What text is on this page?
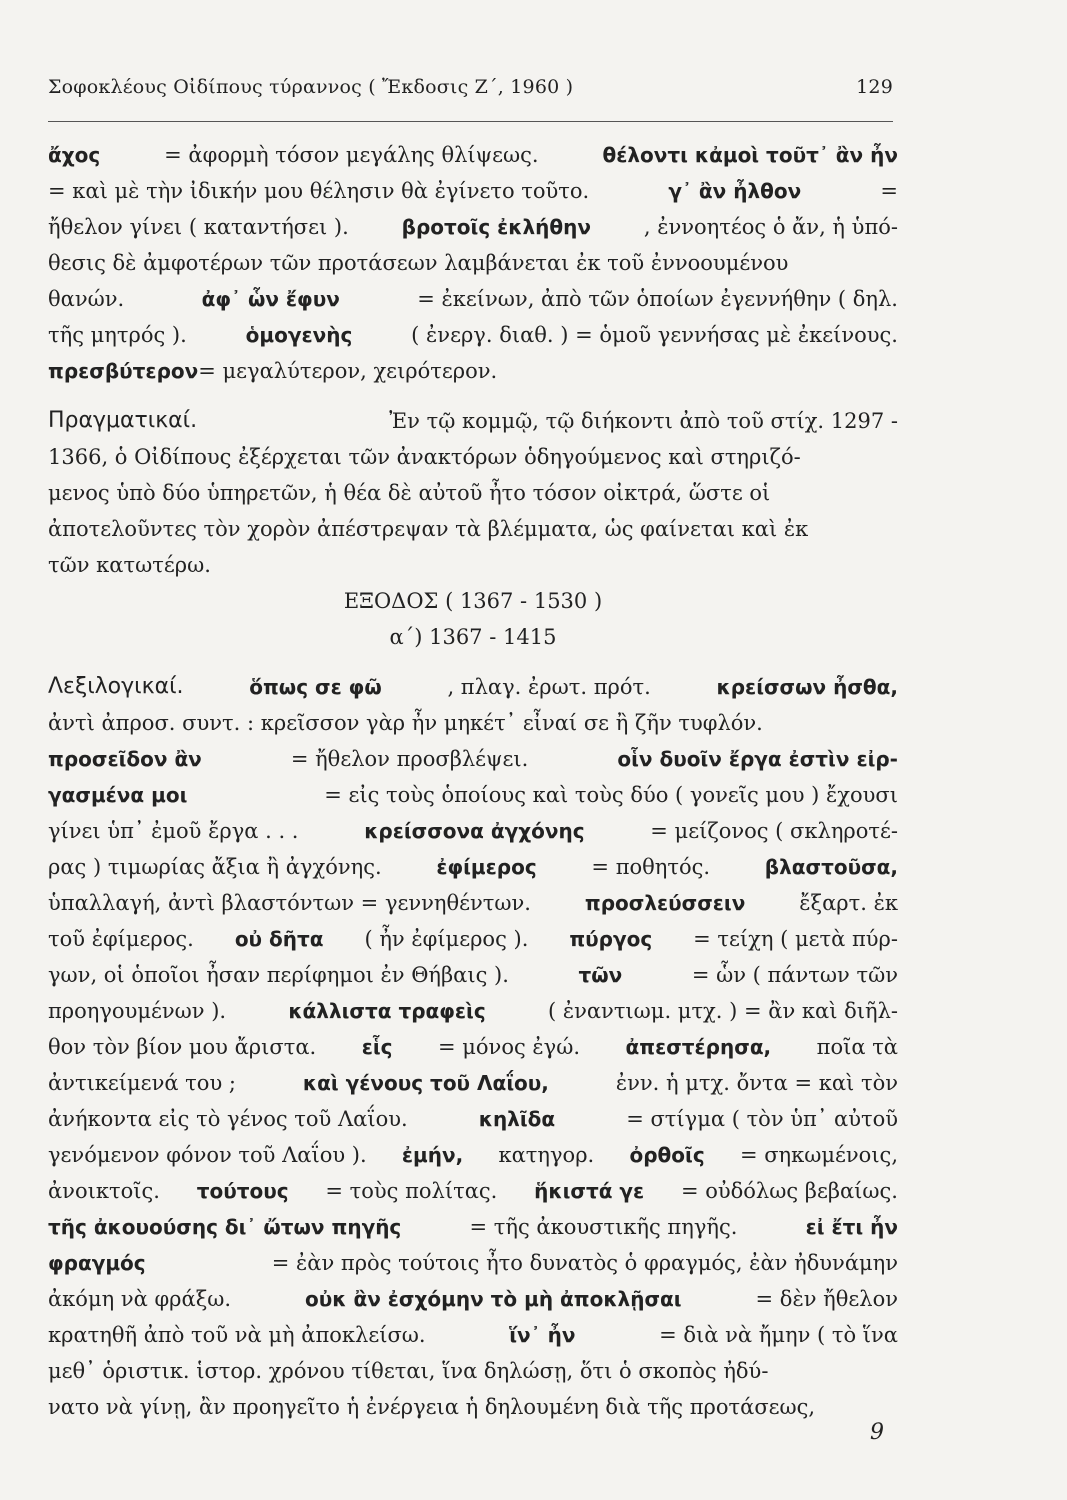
Σοφοκλέους Οἰδίπους τύραννος ( Ἔκδοσις Ζ΄, 1960 )	129
ἄχος	= ἀφορμὴ τόσον μεγάλης θλίψεως.	θέλοντι κἀμοὶ τοῦτ᾽ ἂν ἦν
= καὶ μὲ τὴν ἰδικήν μου θέλησιν θὰ ἐγίνετο τοῦτο.	γ᾽ ἂν ἦλθον	=
ἤθελον γίνει ( καταντήσει ).	βροτοῖς ἐκλήθην	, ἐννοητέος ὁ ἄν, ἡ ὑπό-
θεσις δὲ ἀμφοτέρων τῶν προτάσεων λαμβάνεται ἐκ τοῦ ἐννοουμένου
θανών.	ἀφ᾽ ὧν ἔφυν	= ἐκείνων, ἀπὸ τῶν ὁποίων ἐγεννήθην ( δηλ.
τῆς μητρός ).	ὁμογενὴς	( ἐνεργ. διαθ. ) = ὁμοῦ γεννήσας μὲ ἐκείνους.
πρεσβύτερον = μεγαλύτερον, χειρότερον.
Πραγματικαί.	Ἐν τῷ κομμῷ, τῷ διήκοντι ἀπὸ τοῦ στίχ. 1297 -
1366, ὁ Οἰδίπους ἐξέρχεται τῶν ἀνακτόρων ὁδηγούμενος καὶ στηριζό-
μενος ὑπὸ δύο ὑπηρετῶν, ἡ θέα δὲ αὐτοῦ ἦτο τόσον οἰκτρά, ὥστε οἱ
ἀποτελοῦντες τὸν χορὸν ἀπέστρεψαν τὰ βλέμματα, ὡς φαίνεται καὶ ἐκ
τῶν κατωτέρω.
ΕΞΟΔΟΣ ( 1367 - 1530 )
α΄) 1367 - 1415
Λεξιλογικαί.	ὅπως σε φῶ	, πλαγ. ἐρωτ. πρότ.	κρείσσων ἦσθα,
ἀντὶ ἀπροσ. συντ. : κρεῖσσον γὰρ ἦν μηκέτ᾽ εἶναί σε ἢ ζῆν τυφλόν.
προσεῖδον ἂν	= ἤθελον προσβλέψει.	οἷν δυοῖν ἔργα ἐστὶν εἰρ-
γασμένα μοι	= εἰς τοὺς ὁποίους καὶ τοὺς δύο ( γονεῖς μου ) ἔχουσι
γίνει ὑπ᾽ ἐμοῦ ἔργα . . .	κρείσσονα ἀγχόνης	= μείζονος ( σκληροτέ-
ρας ) τιμωρίας ἄξια ἢ ἀγχόνης.	ἐφίμερος	= ποθητός.	βλαστοῦσα,
ὑπαλλαγή, ἀντὶ βλαστόντων = γεννηθέντων.	προσλεύσσειν	ἔξαρτ. ἐκ
τοῦ ἐφίμερος. οὐ δῆτα ( ἦν ἐφίμερος ). πύργος = τείχη ( μετὰ πύρ-
γων, οἱ ὁποῖοι ἦσαν περίφημοι ἐν Θήβαις ).	τῶν	= ὧν ( πάντων τῶν
προηγουμένων ).	κάλλιστα τραφεὶς	( ἐναντιωμ. μτχ. ) = ἂν καὶ διῆλ-
θον τὸν βίον μου ἄριστα. εἷς = μόνος ἐγώ. ἀπεστέρησα, ποῖα τὰ
ἀντικείμενά του ;	καὶ γένους τοῦ Λαΐου,	ἐνν. ἡ μτχ. ὄντα = καὶ τὸν
ἀνήκοντα εἰς τὸ γένος τοῦ Λαΐου.	κηλῖδα	= στίγμα ( τὸν ὑπ᾽ αὐτοῦ
γενόμενον φόνον τοῦ Λαΐου ). ἐμήν, κατηγορ. ὀρθοῖς = σηκωμένοις,
ἀνοικτοῖς. τούτους = τοὺς πολίτας. ἥκιστά γε = οὐδόλως βεβαίως.
τῆς ἀκουούσης δι᾽ ὤτων πηγῆς	= τῆς ἀκουστικῆς πηγῆς.	εἰ ἔτι ἦν
φραγμός	= ἐὰν πρὸς τούτοις ἦτο δυνατὸς ὁ φραγμός, ἐὰν ἠδυνάμην
ἀκόμη νὰ φράξω.	οὐκ ἂν ἐσχόμην τὸ μὴ ἀποκλῇσαι	= δὲν ἤθελον
κρατηθῆ ἀπὸ τοῦ νὰ μὴ ἀποκλείσω.	ἵν᾽ ἦν	= διὰ νὰ ἤμην ( τὸ ἵνα
μεθ᾽ ὁριστικ. ἱστορ. χρόνου τίθεται, ἵνα δηλώσῃ, ὅτι ὁ σκοπὸς ἠδύ-
νατο νὰ γίνῃ, ἂν προηγεῖτο ἡ ἐνέργεια ἡ δηλουμένη διὰ τῆς προτάσεως,
9
